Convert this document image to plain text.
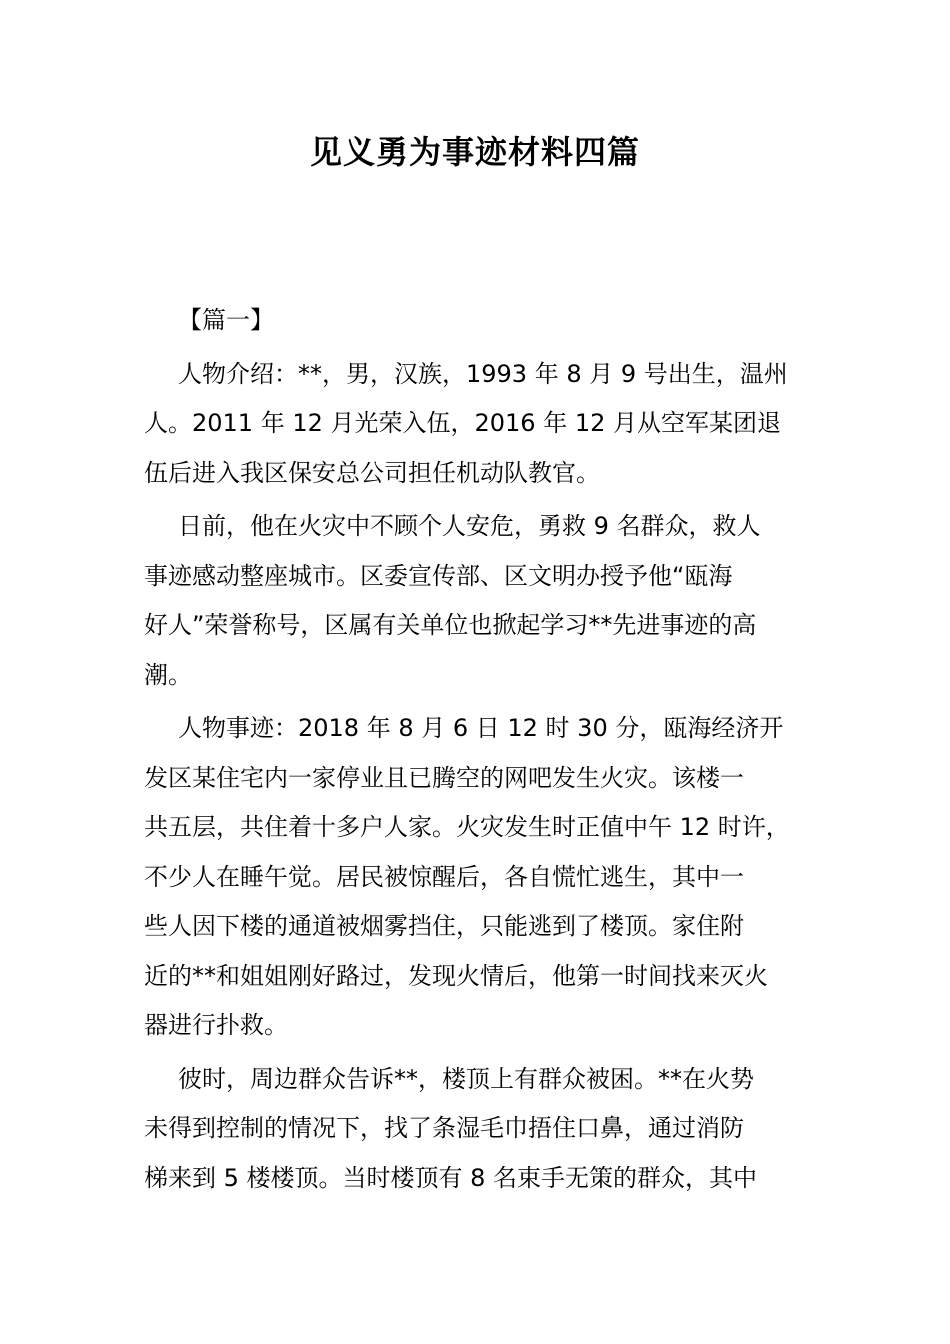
见义勇为事迹材料四篇

【篇一】

人物介绍：**，男，汉族，1993 年 8 月 9 号出生，温州
人。2011 年 12 月光荣入伍，2016 年 12 月从空军某团退
伍后进入我区保安总公司担任机动队教官。

日前，他在火灾中不顾个人安危，勇救 9 名群众，救人
事迹感动整座城市。区委宣传部、区文明办授予他“瓯海
好人”荣誉称号，区属有关单位也掀起学习**先进事迹的高
潮。

人物事迹：2018 年 8 月 6 日 12 时 30 分，瓯海经济开
发区某住宅内一家停业且已腾空的网吧发生火灾。该楼一
共五层，共住着十多户人家。火灾发生时正值中午 12 时许，
不少人在睡午觉。居民被惊醒后，各自慌忙逃生，其中一
些人因下楼的通道被烟雾挡住，只能逃到了楼顶。家住附
近的**和姐姐刚好路过，发现火情后，他第一时间找来灭火
器进行扑救。

彼时，周边群众告诉**，楼顶上有群众被困。**在火势
未得到控制的情况下，找了条湿毛巾捂住口鼻，通过消防
梯来到 5 楼楼顶。当时楼顶有 8 名束手无策的群众，其中
